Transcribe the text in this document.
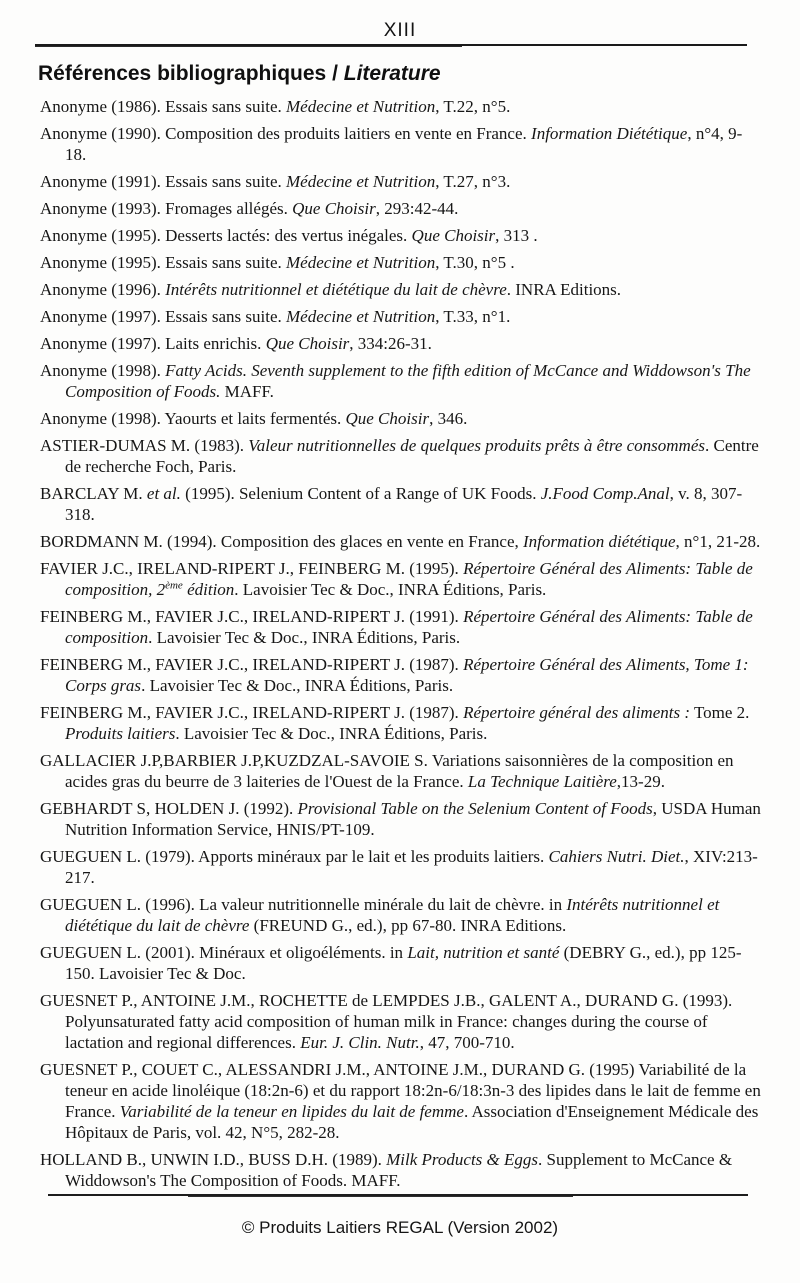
XIII
Références bibliographiques / Literature

Anonyme (1986). Essais sans suite. Médecine et Nutrition, T.22, n°5.

Anonyme (1990). Composition des produits laitiers en vente en France. Information Diététique, n°4, 9-18.

Anonyme (1991). Essais sans suite. Médecine et Nutrition, T.27, n°3.

Anonyme (1993). Fromages allégés. Que Choisir, 293:42-44.

Anonyme (1995). Desserts lactés: des vertus inégales. Que Choisir, 313 .

Anonyme (1995). Essais sans suite. Médecine et Nutrition, T.30, n°5 .

Anonyme (1996). Intérêts nutritionnel et diététique du lait de chèvre. INRA Editions.

Anonyme (1997). Essais sans suite. Médecine et Nutrition, T.33, n°1.

Anonyme (1997). Laits enrichis. Que Choisir, 334:26-31.

Anonyme (1998). Fatty Acids. Seventh supplement to the fifth edition of McCance and Widdowson's The Composition of Foods. MAFF.

Anonyme (1998). Yaourts et laits fermentés. Que Choisir, 346.

ASTIER-DUMAS M. (1983). Valeur nutritionnelles de quelques produits prêts à être consommés. Centre de recherche Foch, Paris.

BARCLAY M. et al. (1995). Selenium Content of a Range of UK Foods. J.Food Comp.Anal, v. 8, 307-318.

BORDMANN M. (1994). Composition des glaces en vente en France, Information diététique, n°1, 21-28.

FAVIER J.C., IRELAND-RIPERT J., FEINBERG M. (1995). Répertoire Général des Aliments: Table de composition, 2ème édition. Lavoisier Tec & Doc., INRA Éditions, Paris.

FEINBERG M., FAVIER J.C., IRELAND-RIPERT J. (1991). Répertoire Général des Aliments: Table de composition. Lavoisier Tec & Doc., INRA Éditions, Paris.

FEINBERG M., FAVIER J.C., IRELAND-RIPERT J. (1987). Répertoire Général des Aliments, Tome 1: Corps gras. Lavoisier Tec & Doc., INRA Éditions, Paris.

FEINBERG M., FAVIER J.C., IRELAND-RIPERT J. (1987). Répertoire général des aliments : Tome 2. Produits laitiers. Lavoisier Tec & Doc., INRA Éditions, Paris.

GALLACIER J.P,BARBIER J.P,KUZDZAL-SAVOIE S. Variations saisonnières de la composition en acides gras du beurre de 3 laiteries de l'Ouest de la France. La Technique Laitière,13-29.

GEBHARDT S, HOLDEN J. (1992). Provisional Table on the Selenium Content of Foods, USDA Human Nutrition Information Service, HNIS/PT-109.

GUEGUEN L. (1979). Apports minéraux par le lait et les produits laitiers. Cahiers Nutri. Diet., XIV:213-217.

GUEGUEN L. (1996). La valeur nutritionnelle minérale du lait de chèvre. in Intérêts nutritionnel et diététique du lait de chèvre (FREUND G., ed.), pp 67-80. INRA Editions.

GUEGUEN L. (2001). Minéraux et oligoéléments. in Lait, nutrition et santé (DEBRY G., ed.), pp 125-150. Lavoisier Tec & Doc.

GUESNET P., ANTOINE J.M., ROCHETTE de LEMPDES J.B., GALENT A., DURAND G. (1993). Polyunsaturated fatty acid composition of human milk in France: changes during the course of lactation and regional differences. Eur. J. Clin. Nutr., 47, 700-710.

GUESNET P., COUET C., ALESSANDRI J.M., ANTOINE J.M., DURAND G. (1995) Variabilité de la teneur en acide linoléique (18:2n-6) et du rapport 18:2n-6/18:3n-3 des lipides dans le lait de femme en France. Variabilité de la teneur en lipides du lait de femme. Association d'Enseignement Médicale des Hôpitaux de Paris, vol. 42, N°5, 282-28.

HOLLAND B., UNWIN I.D., BUSS D.H. (1989). Milk Products & Eggs. Supplement to McCance & Widdowson's The Composition of Foods. MAFF.

© Produits Laitiers REGAL (Version 2002)
